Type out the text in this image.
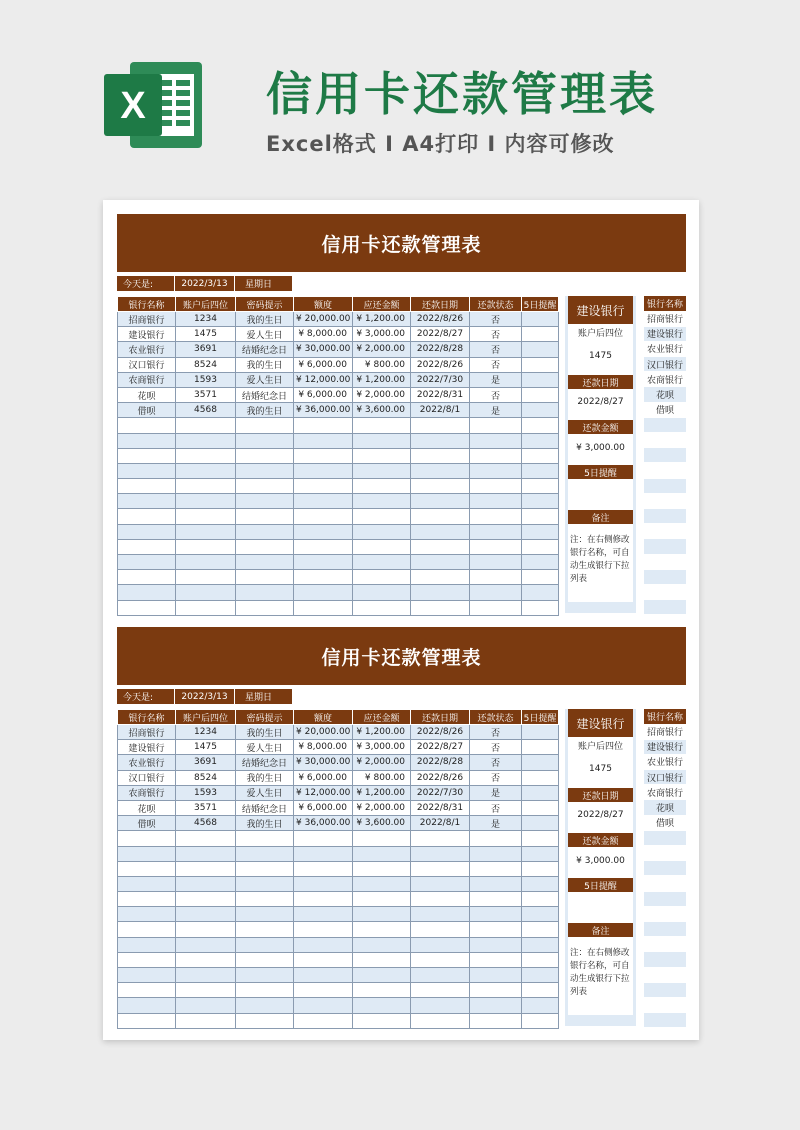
X	信用卡还款管理表
Excel格式 I A4打印 I 内容可修改
信用卡还款管理表
今天是:	2022/3/13	星期日
银行名称	账户后四位	密码提示	额度	应还金额	还款日期	还款状态	5日提醒
招商银行	1234	我的生日	¥ 20,000.00	¥ 1,200.00	2022/8/26	否	
建设银行	1475	爱人生日	¥ 8,000.00	¥ 3,000.00	2022/8/27	否	
农业银行	3691	结婚纪念日	¥ 30,000.00	¥ 2,000.00	2022/8/28	否	
汉口银行	8524	我的生日	¥ 6,000.00	¥ 800.00	2022/8/26	否	
农商银行	1593	爱人生日	¥ 12,000.00	¥ 1,200.00	2022/7/30	是	
花呗	3571	结婚纪念日	¥ 6,000.00	¥ 2,000.00	2022/8/31	否	
借呗	4568	我的生日	¥ 36,000.00	¥ 3,600.00	2022/8/1	是	

建设银行
账户后四位
1475
还款日期
2022/8/27
还款金额
¥ 3,000.00
5日提醒
备注
注：在右侧修改银行名称，可自动生成银行下拉列表
银行名称
招商银行
建设银行
农业银行
汉口银行
农商银行
花呗
借呗

信用卡还款管理表
今天是:	2022/3/13	星期日
银行名称	账户后四位	密码提示	额度	应还金额	还款日期	还款状态	5日提醒
招商银行	1234	我的生日	¥ 20,000.00	¥ 1,200.00	2022/8/26	否	
建设银行	1475	爱人生日	¥ 8,000.00	¥ 3,000.00	2022/8/27	否	
农业银行	3691	结婚纪念日	¥ 30,000.00	¥ 2,000.00	2022/8/28	否	
汉口银行	8524	我的生日	¥ 6,000.00	¥ 800.00	2022/8/26	否	
农商银行	1593	爱人生日	¥ 12,000.00	¥ 1,200.00	2022/7/30	是	
花呗	3571	结婚纪念日	¥ 6,000.00	¥ 2,000.00	2022/8/31	否	
借呗	4568	我的生日	¥ 36,000.00	¥ 3,600.00	2022/8/1	是	

建设银行
账户后四位
1475
还款日期
2022/8/27
还款金额
¥ 3,000.00
5日提醒
备注
注：在右侧修改银行名称，可自动生成银行下拉列表
银行名称
招商银行
建设银行
农业银行
汉口银行
农商银行
花呗
借呗
